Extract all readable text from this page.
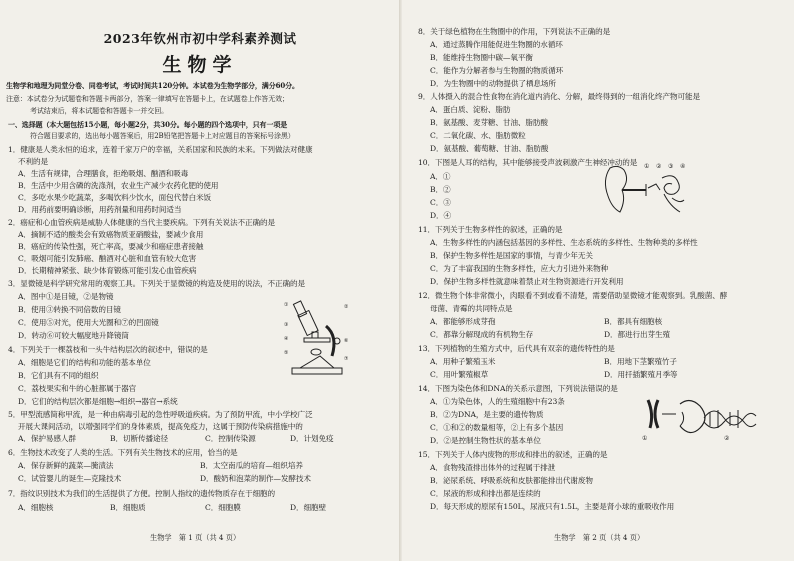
2023年钦州市初中学科素养测试
生物学
生物学和地理为同堂分卷、同卷考试，考试时间共120分钟。本试卷为生物学部分，满分60分。
注意：本试卷分为试题卷和答题卡两部分，答案一律填写在答题卡上，在试题卷上作答无效；
考试结束后，将本试题卷和答题卡一并交回。
一、选择题（本大题包括15小题，每小题2分，共30分。每小题的四个选项中，只有一项是
符合题目要求的，选出每小题答案后，用2B铅笔把答题卡上对应题目的答案标号涂黑）
1．健康是人类永恒的追求，连着千家万户的幸福，关系国家和民族的未来。下列做法对健康
不利的是
A．生活有规律，合理膳食，拒绝吸烟、酗酒和吸毒
B．生活中少用含磷的洗涤剂，农业生产减少农药化肥的使用
C．多吃水果少吃蔬菜，多喝饮料少饮水，面包代替白米饭
D．用药前要明确诊断，用药剂量和用药时间适当
2．癌症和心血管疾病是威胁人体健康的当代主要疾病。下列有关说法不正确的是
A．摘制不适的酸类会有致癌物质亚硝酸盐，要减少食用
B．癌症的传染性强，死亡率高，要减少和癌症患者接触
C．吸烟可能引发肺癌、酗酒对心脏和血管有较大危害
D．长期精神紧张、缺少体育锻炼可能引发心血管疾病
3．显微镜是科学研究常用的观察工具。下列关于显微镜的构造及使用的说法，不正确的是
A．图中①是目镜，②是物镜
B．使用③转换不同倍数的目镜
C．使用⑤对光，使用大光圈和⑦的凹面镜
D．转动⑥可较大幅度地升降镜筒
①
③
④
⑤
②
⑥
⑦
4．下列关于一棵荔枝和一头牛结构层次的叙述中，错误的是
A．细胞是它们的结构和功能的基本单位
B．它们具有不同的组织
C．荔枝果实和牛的心脏都属于器官
D．它们的结构层次都是细胞→组织→器官→系统
5．甲型流感简称甲流，是一种由病毒引起的急性呼吸道疾病。为了预防甲流，中小学校广泛
开展大课间活动，以增强同学们的身体素质，提高免疫力，这属于预防传染病措施中的
A．保护易感人群	B．切断传播途径	C．控制传染源	D．计划免疫
6．生物技术改变了人类的生活。下列有关生物技术的应用，恰当的是
A．保存新鲜的蔬菜—腌渍法	B．太空南瓜的培育—组织培养
C．试管婴儿的诞生—克隆技术	D．酸奶和泡菜的制作—发酵技术
7．指纹识别技术为我们的生活提供了方便。控制人指纹的遗传物质存在于细胞的
A．细胞核	B．细胞质	C．细胞膜	D．细胞壁
生物学　第 1 页（共 4 页）
8．关于绿色植物在生物圈中的作用，下列说法不正确的是
A．通过蒸腾作用能促进生物圈的水循环
B．能维持生物圈中碳—氧平衡
C．能作为分解者参与生物圈的物质循环
D．为生物圈中的动物提供了栖息场所
9．人体摄入的混合性食物在消化道内消化、分解，最终得到的一组消化终产物可能是
A．蛋白质、淀粉、脂肪
B．氨基酸、麦芽糖、甘油、脂肪酸
C．二氧化碳、水、脂肪微粒
D．氨基酸、葡萄糖、甘油、脂肪酸
10．下图是人耳的结构，其中能够接受声波刺激产生神经冲动的是
A．①
B．②
C．③
D．④
① ② ③ ④
11．下列关于生物多样性的叙述，正确的是
A．生物多样性的内涵包括基因的多样性、生态系统的多样性、生物种类的多样性
B．保护生物多样性是国家的事情，与青少年无关
C．为了丰富我国的生物多样性，应大力引进外来物种
D．保护生物多样性就意味着禁止对生物资源进行开发利用
12．微生物个体非常微小，肉眼看不到或看不清楚，需要借助显微镜才能观察到。乳酸菌、酵
母菌、青霉的共同特点是
A．都能够形成芽孢	B．都具有细胞核
C．都靠分解现成的有机物生存	D．都进行出芽生殖
13．下列植物的生殖方式中，后代具有双亲的遗传特性的是
A．用种子繁殖玉米	B．用地下茎繁殖竹子
C．用叶繁殖椒草	D．用扦插繁殖月季等
14．下图为染色体和DNA的关系示意图，下列说法错误的是
A．①为染色体，人的生殖细胞中有23条
B．②为DNA，是主要的遗传物质
C．①和②的数量相等，②上有多个基因
D．②是控制生物性状的基本单位	①	②
15．下列关于人体内废物的形成和排出的叙述，正确的是
A．食物残渣排出体外的过程属于排泄
B．泌尿系统、呼吸系统和皮肤都能排出代谢废物
C．尿液的形成和排出都是连续的
D．每天形成的原尿有150L，尿液只有1.5L，主要是肾小球的重吸收作用
生物学　第 2 页（共 4 页）
